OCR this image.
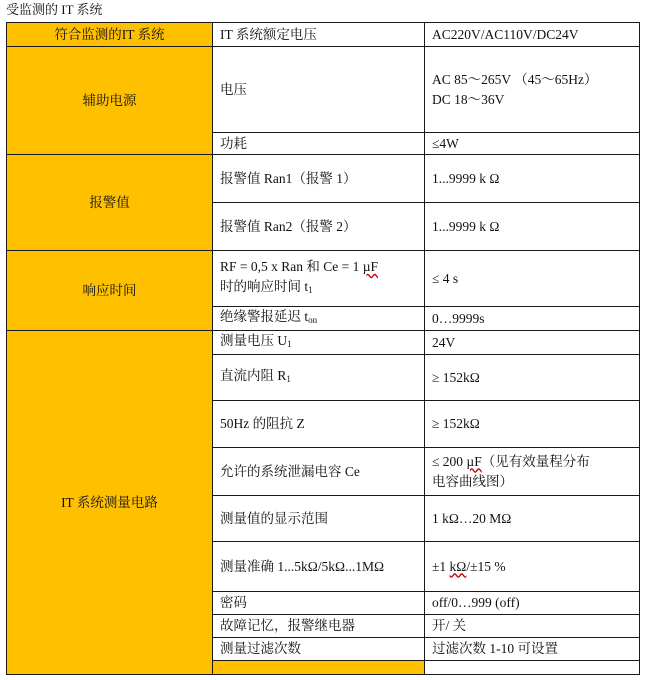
受监测的 IT 系统
符合监测的IT 系统	IT 系统额定电压	AC220V/AC110V/DC24V	
辅助电源	电压	AC 85～265V （45～65Hz）
DC 18～36V	

	功耗	≤4W	
报警值	报警值 Ran1（报警 1）	1...9999 k Ω	
	报警值 Ran2（报警 2）	1...9999 k Ω	
响应时间	RF = 0,5 x Ran 和 Ce = 1 µF
时的响应时间 $t_1$	≤ 4 s	
	绝缘警报延迟 $t_{on}$	0…9999s	
IT 系统测量电路	测量电压 $U_1$	24V	
	直流内阻 $R_1$	≥ 152kΩ	
	50Hz 的阻抗 Z	≥ 152kΩ	
	允许的系统泄漏电容 Ce	≤ 200 µF（见有效量程分布
电容曲线图）	

	测量值的显示范围	1 kΩ…20 MΩ	
	测量准确 1...5kΩ/5kΩ...1MΩ	±1 kΩ/±15 %	
	密码	off/0…999 (off)	
	故障记忆，报警继电器	开/ 关	
	测量过滤次数	过滤次数 1-10 可设置	
